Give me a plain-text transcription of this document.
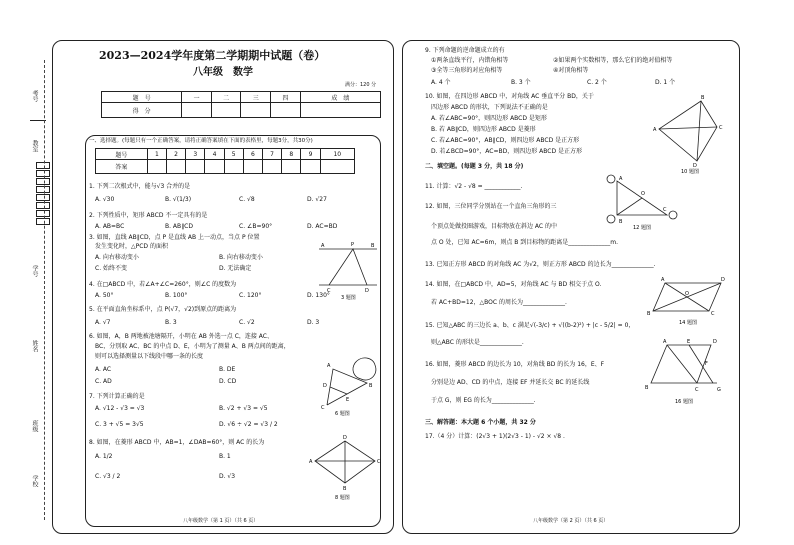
考号
教室
学号
姓名
班级
学校
2023—2024学年度第二学期期中试题（卷）
八年级　数学
满分：120 分
题　号	一	二	三	四	成　绩
得　分					
一、选择题。(每题只有一个正确答案，请将正确答案填在下面的表格里，每题3分，共30分)
题号	1	2	3	4	5	6	7	8	9	10
答案										
1. 下列二次根式中，能与√3 合并的是
A. √30	B. √(1/3)	C. √8	D. √27
2. 下列性质中，矩形 ABCD 不一定具有的是
A. AB=BC	B. AB∥CD	C. ∠B=90°	D. AC=BD
3. 如图，直线 AB∥CD，点 P 是直线 AB 上一动点，当点 P 位置
发生变化时，△PCD 的面积
A. 向右移动变小	B. 向右移动变小
C. 始终不变	D. 无法确定
A	P	B
C	D
3 题图
4. 在□ABCD 中，若∠A+∠C=260°，则∠C 的度数为
A. 50°	B. 100°	C. 120°	D. 130°
5. 在平面直角坐标系中，点 P(√7，√2)到原点的距离为
A. √7	B. 3	C. √2	D. 3
6. 如图，A，B 两地被池塘隔开，小明在 AB 外选一点 C，连接 AC、
BC，分别取 AC、BC 的中点 D、E，小明为了测量 A、B 两点间的距离，
则可以选择测量以下线段中哪一条的长度
A. AC	B. DE
C. AD	D. CD
A
B
C
D
E
6 题图
7. 下列计算正确的是
A. √12 - √3 = √3	B. √2 + √3 = √5
C. 3 + √5 = 3√5	D. √6 ÷ √2 = √3 / 2
8. 如图，在菱形 ABCD 中，AB=1，∠DAB=60°，则 AC 的长为
A. 1/2	B. 1
C. √3 / 2	D. √3
A
D
C
B
8 题图
八年级数学（第 1 页）（共 6 页）
9. 下列命题的逆命题成立的有
①两条直线平行，内错角相等	②如果两个实数相等，那么它们的绝对值相等
③全等三角形的对应角相等	④对顶角相等
A. 4 个	B. 3 个	C. 2 个	D. 1 个
10. 如图，在四边形 ABCD 中，对角线 AC 垂直平分 BD，关于
四边形 ABCD 的形状，下列说法不正确的是
A. 若∠ABC=90°，则四边形 ABCD 是矩形
B. 若 AB∥CD，则四边形 ABCD 是菱形
C. 若∠ABC=90°，AB∥CD，则四边形 ABCD 是正方形
D. 若∠BCD=90°，AC=BD，则四边形 ABCD 是正方形
A
B
C
D
10 题图
二、填空题。(每题 3 分，共 18 分)
11. 计算：√2 - √8 = ____________.
12. 如图，三位同学分别站在一个直角三角形的三
个顶点处做投圈游戏，目标物放在斜边 AC 的中
点 O 处，已知 AC=6m，则点 B 到目标物的距离是______________m.
A
O
B
C
12 题图
13. 已知正方形 ABCD 的对角线 AC 为√2，则正方形 ABCD 的边长为______________.
14. 如图，在□ABCD 中，AD=5，对角线 AC 与 BD 相交于点 O.
若 AC+BD=12，△BOC 的周长为______________.
A	D
B	C
O
14 题图
15. 已知△ABC 的三边长 a、b、c 满足√(-3/c) + √((b-2)²) + |c - 5/2| = 0，
则△ABC 的形状是______________.
16. 如图，菱形 ABCD 的边长为 10，对角线 BD 的长为 16，E、F
分别是边 AD、CD 的中点，连接 EF 并延长交 BC 的延长线
于点 G，则 EG 的长为______________.
A	E	D
F
B	C	G
16 题图
三、解答题：本大题 6 个小题，共 32 分
17.（4 分）计算：(2√3 + 1)(2√3 - 1) - √2 × √8 .
八年级数学（第 2 页）（共 6 页）
